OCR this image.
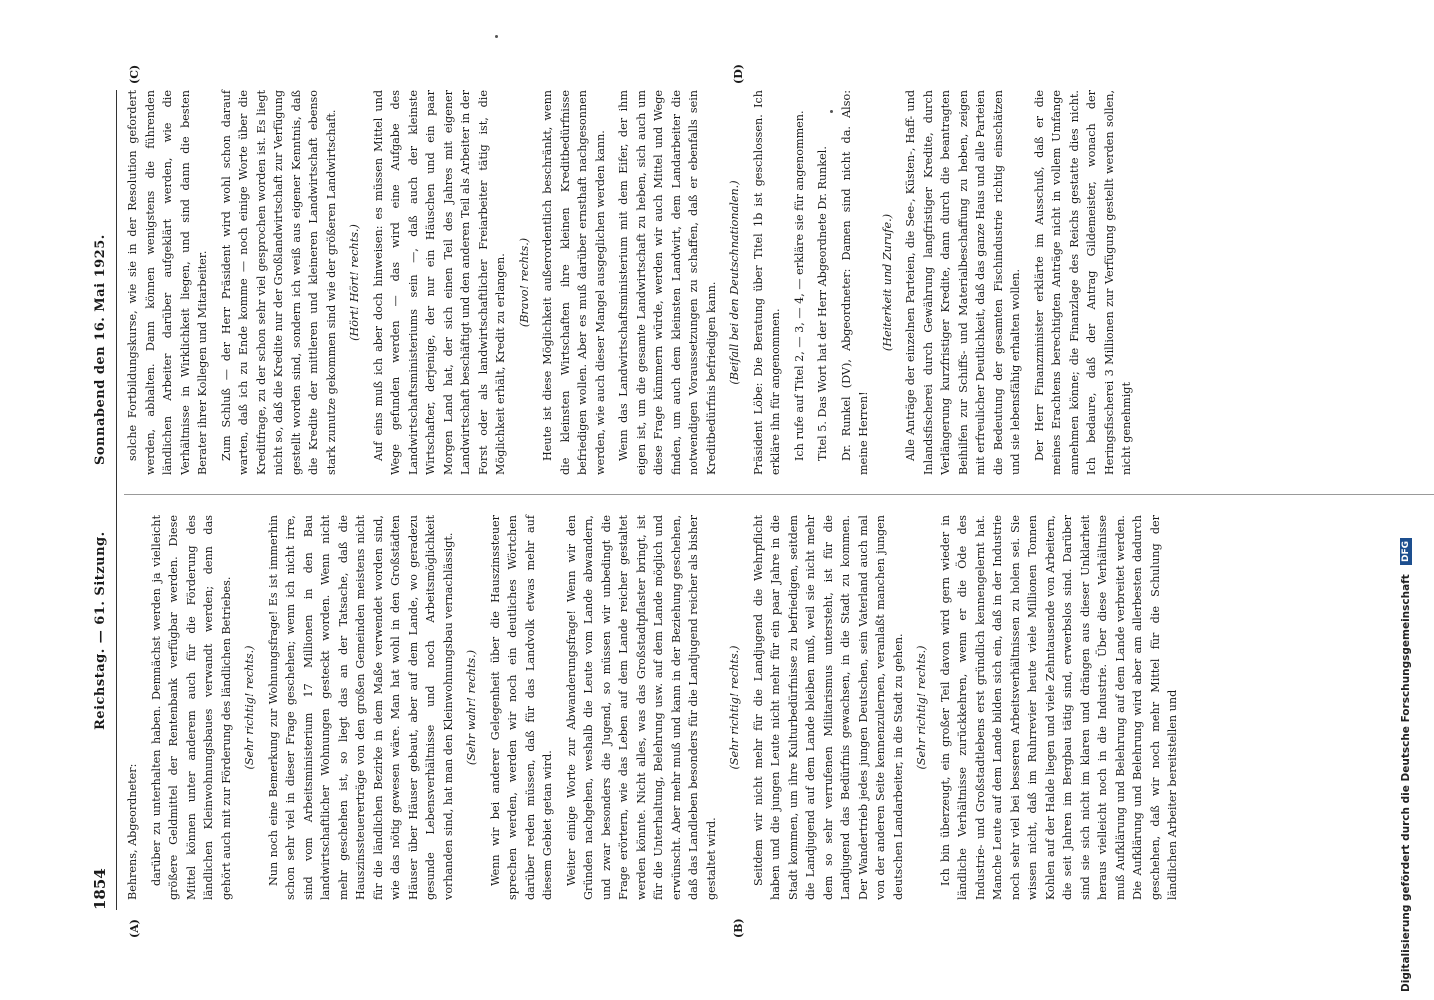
1854
Reichstag. — 61. Sitzung.
Sonnabend den 16. Mai 1925.
(A)	(B)
(C)	(D)

Behrens, Abgeordneter: darüber zu unterhalten haben. Demnächst werden ja vielleicht größere Geldmittel der Rentenbank verfügbar werden. Diese Mittel können unter anderem auch für die Förderung des ländlichen Kleinwohnungsbaues verwandt werden; denn das gehört auch mit zur Förderung des ländlichen Betriebes. (Sehr richtig! rechts.) Nun noch eine Bemerkung zur Wohnungsfrage! Es ist immerhin schon sehr viel in dieser Frage geschehen; wenn ich nicht irre, sind vom Arbeitsministerium 17 Millionen in den Bau landwirtschaftlicher Wohnungen gesteckt worden. Wenn nicht mehr geschehen ist, so liegt das an der Tatsache, daß die Hauszinssteuererträge von den großen Gemeinden meistens nicht für die ländlichen Bezirke in dem Maße verwendet worden sind, wie das nötig gewesen wäre. Man hat wohl in den Großstädten Häuser über Häuser gebaut, aber auf dem Lande, wo geradezu gesunde Lebensverhältnisse und noch Arbeitsmöglichkeit vorhanden sind, hat man den Kleinwohnungsbau vernachlässigt. (Sehr wahr! rechts.) Wenn wir bei anderer Gelegenheit über die Hauszinssteuer sprechen werden, werden wir noch ein deutliches Wörtchen darüber reden müssen, daß für das Landvolk etwas mehr auf diesem Gebiet getan wird. Weiter einige Worte zur Abwanderungsfrage! Wenn wir den Gründen nachgehen, weshalb die Leute vom Lande abwandern, und zwar besonders die Jugend, so müssen wir unbedingt die Frage erörtern, wie das Leben auf dem Lande reicher gestaltet werden könnte. Nicht alles, was das Großstadtpflaster bringt, ist für die Unterhaltung, Belehrung usw. auf dem Lande möglich und erwünscht. Aber mehr muß und kann in der Beziehung geschehen, daß das Landleben besonders für die Landjugend reicher als bisher gestaltet wird.

(Sehr richtig! rechts.) Seitdem wir nicht mehr für die Landjugend die Wehrpflicht haben und die jungen Leute nicht mehr für ein paar Jahre in die Stadt kommen, um ihre Kulturbedürfnisse zu befriedigen, seitdem die Landjugend auf dem Lande bleiben muß, weil sie nicht mehr dem so sehr verrufenen Militarismus untersteht, ist für die Landjugend das Bedürfnis gewachsen, in die Stadt zu kommen. Der Wandertrieb jedes jungen Deutschen, sein Vaterland auch mal von der anderen Seite kennenzulernen, veranlaßt manchen jungen deutschen Landarbeiter, in die Stadt zu gehen. (Sehr richtig! rechts.) Ich bin überzeugt, ein großer Teil davon wird gern wieder in ländliche Verhältnisse zurückkehren, wenn er die Öde des Industrie- und Großstadtlebens erst gründlich kennengelernt hat. Manche Leute auf dem Lande bilden sich ein, daß in der Industrie noch sehr viel bei besseren Arbeitsverhältnissen zu holen sei. Sie wissen nicht, daß im Ruhrrevier heute viele Millionen Tonnen Kohlen auf der Halde liegen und viele Zehntausende von Arbeitern, die seit Jahren im Bergbau tätig sind, erwerbslos sind. Darüber sind sie sich nicht im klaren und drängen aus dieser Unklarheit heraus vielleicht noch in die Industrie. Über diese Verhältnisse muß Aufklärung und Belehrung auf dem Lande verbreitet werden. Die Aufklärung und Belehrung wird aber am allerbesten dadurch geschehen, daß wir noch mehr Mittel für die Schulung der ländlichen Arbeiter bereitstellen und

solche Fortbildungskurse, wie sie in der Resolution gefordert werden, abhalten. Dann können wenigstens die führenden ländlichen Arbeiter darüber aufgeklärt werden, wie die Verhältnisse in Wirklichkeit liegen, und sind dann die besten Berater ihrer Kollegen und Mitarbeiter. Zum Schluß — der Herr Präsident wird wohl schon darauf warten, daß ich zu Ende komme — noch einige Worte über die Kreditfrage, zu der schon sehr viel gesprochen worden ist. Es liegt nicht so, daß die Kredite nur der Großlandwirtschaft zur Verfügung gestellt worden sind, sondern ich weiß aus eigener Kenntnis, daß die Kredite der mittleren und kleineren Landwirtschaft ebenso stark zunutze gekommen sind wie der größeren Landwirtschaft. (Hört! Hört! rechts.) Auf eins muß ich aber doch hinweisen: es müssen Mittel und Wege gefunden werden — das wird eine Aufgabe des Landwirtschaftsministeriums sein —, daß auch der kleinste Wirtschafter, derjenige, der nur ein Häuschen und ein paar Morgen Land hat, der sich einen Teil des Jahres mit eigener Landwirtschaft beschäftigt und den anderen Teil als Arbeiter in der Forst oder als landwirtschaftlicher Freiarbeiter tätig ist, die Möglichkeit erhält, Kredit zu erlangen. (Bravo! rechts.) Heute ist diese Möglichkeit außerordentlich beschränkt, wenn die kleinsten Wirtschaften ihre kleinen Kreditbedürfnisse befriedigen wollen. Aber es muß darüber ernsthaft nachgesonnen werden, wie auch dieser Mangel ausgeglichen werden kann. Wenn das Landwirtschaftsministerium mit dem Eifer, der ihm eigen ist, um die gesamte Landwirtschaft zu heben, sich auch um diese Frage kümmern würde, werden wir auch Mittel und Wege finden, um auch dem kleinsten Landwirt, dem Landarbeiter die notwendigen Voraussetzungen zu schaffen, daß er ebenfalls sein Kreditbedürfnis befriedigen kann. (Beifall bei den Deutschnationalen.) Präsident Löbe: Die Beratung über Titel 1b ist geschlossen. Ich erkläre ihn für angenommen. Ich rufe auf Titel 2, — 3, — 4, — erkläre sie für angenommen. Titel 5. Das Wort hat der Herr Abgeordnete Dr. Runkel. Dr. Runkel (DV), Abgeordneter: Damen sind nicht da. Also: meine Herren!

(Heiterkeit und Zurufe.) Alle Anträge der einzelnen Parteien, die See-, Küsten-, Haff- und Inlandsfischerei durch Gewährung langfristiger Kredite, durch Verlängerung kurzfristiger Kredite, dann durch die beantragten Beihilfen zur Schiffs- und Materialbeschaffung zu heben, zeigen mit erfreulicher Deutlichkeit, daß das ganze Haus und alle Parteien die Bedeutung der gesamten Fischindustrie richtig einschätzen und sie lebensfähig erhalten wollen. Der Herr Finanzminister erklärte im Ausschuß, daß er die meines Erachtens berechtigten Anträge nicht in vollem Umfange annehmen könne; die Finanzlage des Reichs gestatte dies nicht. Ich bedaure, daß der Antrag Gildemeister, wonach der Heringsfischerei 3 Millionen zur Verfügung gestellt werden sollen, nicht genehmigt

Digitalisierung gefördert durch die Deutsche Forschungsgemeinschaft DFG
